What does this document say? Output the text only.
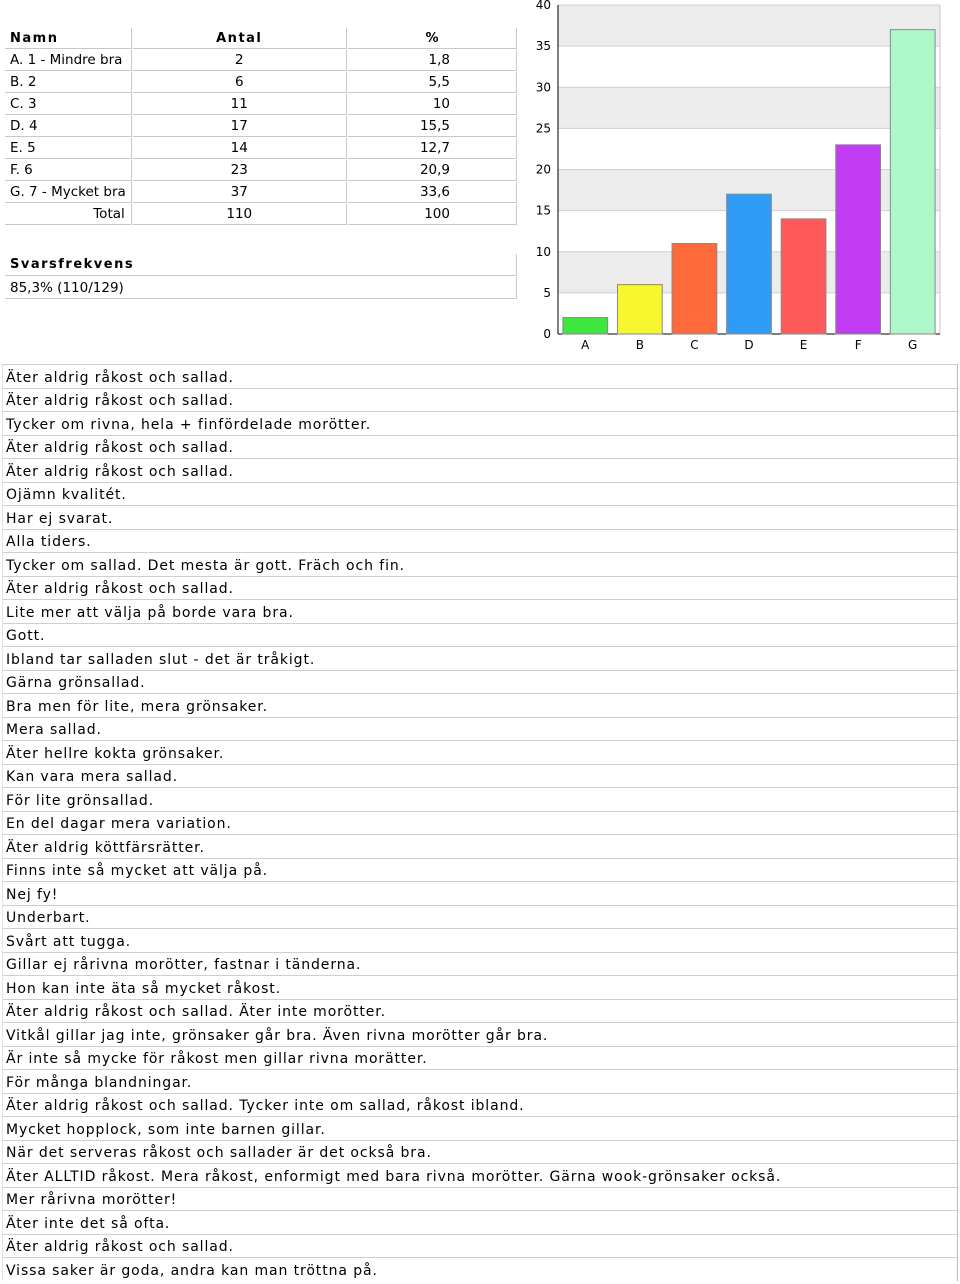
Namn	Antal	%
A. 1 - Mindre bra	2	1,8
B. 2	6	5,5
C. 3	11	10
D. 4	17	15,5
E. 5	14	12,7
F. 6	23	20,9
G. 7 - Mycket bra	37	33,6
Total	110	100
Svarsfrekvens
85,3% (110/129)
0
5
10
15
20
25
30
35
40
A	B	C	D	E	F	G
Äter aldrig råkost och sallad.
Äter aldrig råkost och sallad.
Tycker om rivna, hela + finfördelade morötter.
Äter aldrig råkost och sallad.
Äter aldrig råkost och sallad.
Ojämn kvalitét.
Har ej svarat.
Alla tiders.
Tycker om sallad. Det mesta är gott. Fräch och fin.
Äter aldrig råkost och sallad.
Lite mer att välja på borde vara bra.
Gott.
Ibland tar salladen slut - det är tråkigt.
Gärna grönsallad.
Bra men för lite, mera grönsaker.
Mera sallad.
Äter hellre kokta grönsaker.
Kan vara mera sallad.
För lite grönsallad.
En del dagar mera variation.
Äter aldrig köttfärsrätter.
Finns inte så mycket att välja på.
Nej fy!
Underbart.
Svårt att tugga.
Gillar ej rårivna morötter, fastnar i tänderna.
Hon kan inte äta så mycket råkost.
Äter aldrig råkost och sallad. Äter inte morötter.
Vitkål gillar jag inte, grönsaker går bra. Även rivna morötter går bra.
Är inte så mycke för råkost men gillar rivna morätter.
För många blandningar.
Äter aldrig råkost och sallad. Tycker inte om sallad, råkost ibland.
Mycket hopplock, som inte barnen gillar.
När det serveras råkost och sallader är det också bra.
Äter ALLTID råkost. Mera råkost, enformigt med bara rivna morötter. Gärna wook-grönsaker också.
Mer rårivna morötter!
Äter inte det så ofta.
Äter aldrig råkost och sallad.
Vissa saker är goda, andra kan man tröttna på.
